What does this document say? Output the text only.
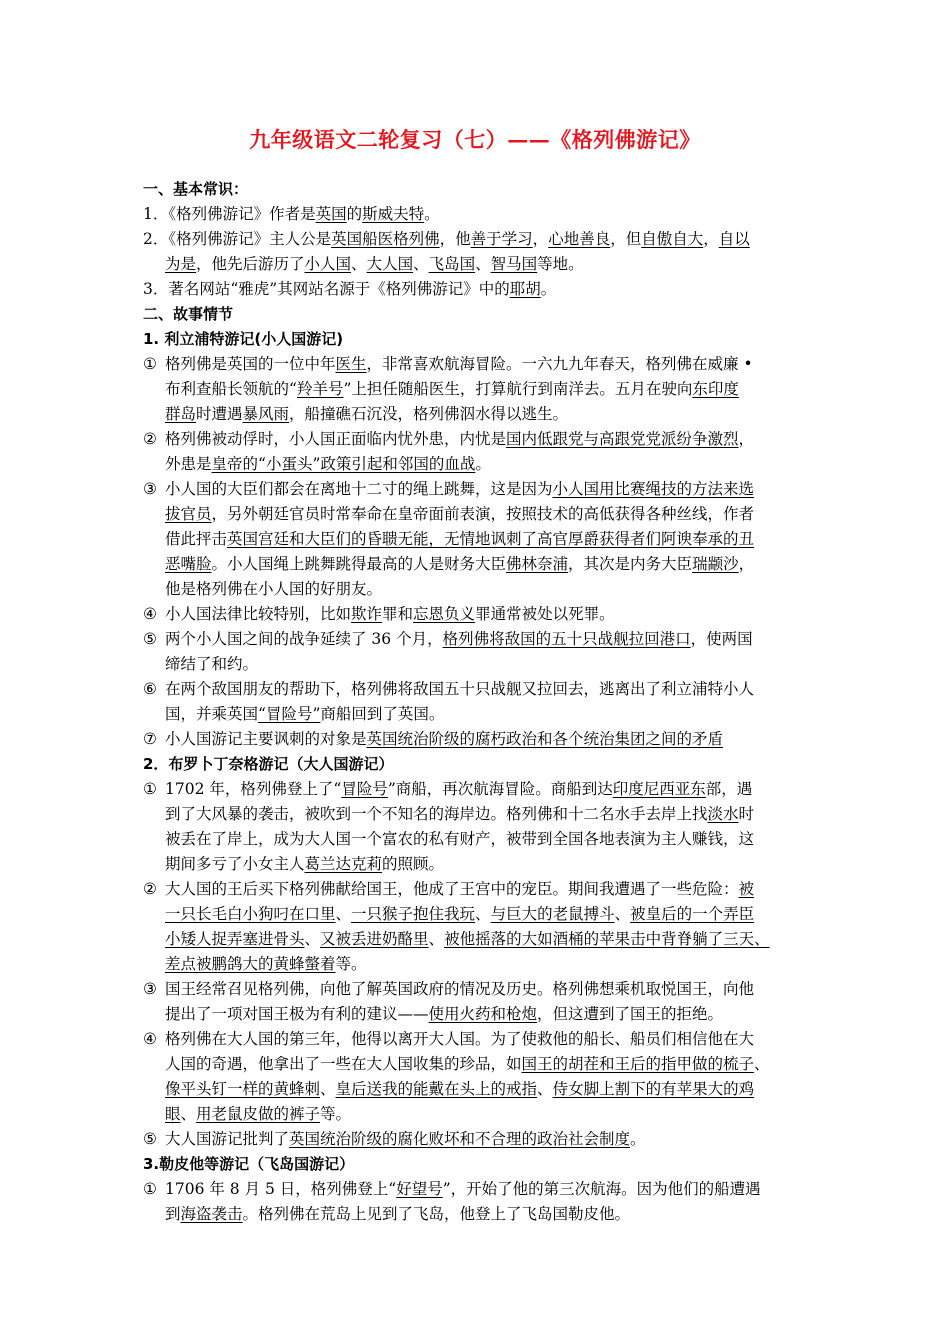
九年级语文二轮复习（七）——《格列佛游记》
一、基本常识：
1．《格列佛游记》作者是英国的斯威夫特。
2．《格列佛游记》主人公是英国船医格列佛，他善于学习，心地善良，但自傲自大，自以
为是，他先后游历了小人国、大人国、飞岛国、智马国等地。
3．著名网站“雅虎”其网站名源于《格列佛游记》中的耶胡。
二、故事情节
1. 利立浦特游记(小人国游记)
① 格列佛是英国的一位中年医生，非常喜欢航海冒险。一六九九年春天，格列佛在威廉 •
布利查船长领航的“羚羊号”上担任随船医生，打算航行到南洋去。五月在驶向东印度
群岛时遭遇暴风雨，船撞礁石沉没，格列佛泅水得以逃生。
② 格列佛被动俘时，小人国正面临内忧外患，内忧是国内低跟党与高跟党党派纷争激烈，
外患是皇帝的“小蛋头”政策引起和邻国的血战。
③ 小人国的大臣们都会在离地十二寸的绳上跳舞，这是因为小人国用比赛绳技的方法来选
拔官员，另外朝廷官员时常奉命在皇帝面前表演，按照技术的高低获得各种丝线，作者
借此抨击英国宫廷和大臣们的昏聩无能，无情地讽刺了高官厚爵获得者们阿谀奉承的丑
恶嘴脸。小人国绳上跳舞跳得最高的人是财务大臣佛林奈浦，其次是内务大臣瑞颛沙，
他是格列佛在小人国的好朋友。
④ 小人国法律比较特别，比如欺诈罪和忘恩负义罪通常被处以死罪。
⑤ 两个小人国之间的战争延续了 36 个月，格列佛将敌国的五十只战舰拉回港口，使两国
缔结了和约。
⑥ 在两个敌国朋友的帮助下，格列佛将敌国五十只战舰又拉回去，逃离出了利立浦特小人
国，并乘英国“冒险号”商船回到了英国。
⑦ 小人国游记主要讽刺的对象是英国统治阶级的腐朽政治和各个统治集团之间的矛盾
2．布罗卜丁奈格游记（大人国游记）
① 1702 年，格列佛登上了“冒险号”商船，再次航海冒险。商船到达印度尼西亚东部，遇
到了大风暴的袭击，被吹到一个不知名的海岸边。格列佛和十二名水手去岸上找淡水时
被丢在了岸上，成为大人国一个富农的私有财产，被带到全国各地表演为主人赚钱，这
期间多亏了小女主人葛兰达克莉的照顾。
② 大人国的王后买下格列佛献给国王，他成了王宫中的宠臣。期间我遭遇了一些危险：被
一只长毛白小狗叼在口里、一只猴子抱住我玩、与巨大的老鼠搏斗、被皇后的一个弄臣
小矮人捉弄塞进骨头、又被丢进奶酪里、被他摇落的大如酒桶的苹果击中背脊躺了三天、
差点被鹏鸽大的黄蜂螫着等。
③ 国王经常召见格列佛，向他了解英国政府的情况及历史。格列佛想乘机取悦国王，向他
提出了一项对国王极为有利的建议——使用火药和枪炮，但这遭到了国王的拒绝。
④ 格列佛在大人国的第三年，他得以离开大人国。为了使救他的船长、船员们相信他在大
人国的奇遇，他拿出了一些在大人国收集的珍品，如国王的胡茬和王后的指甲做的梳子、
像平头钉一样的黄蜂刺、皇后送我的能戴在头上的戒指、侍女脚上割下的有苹果大的鸡
眼、用老鼠皮做的裤子等。
⑤ 大人国游记批判了英国统治阶级的腐化败坏和不合理的政治社会制度。
3.勒皮他等游记（飞岛国游记）
① 1706 年 8 月 5 日，格列佛登上“好望号”，开始了他的第三次航海。因为他们的船遭遇
到海盗袭击。格列佛在荒岛上见到了飞岛，他登上了飞岛国勒皮他。
